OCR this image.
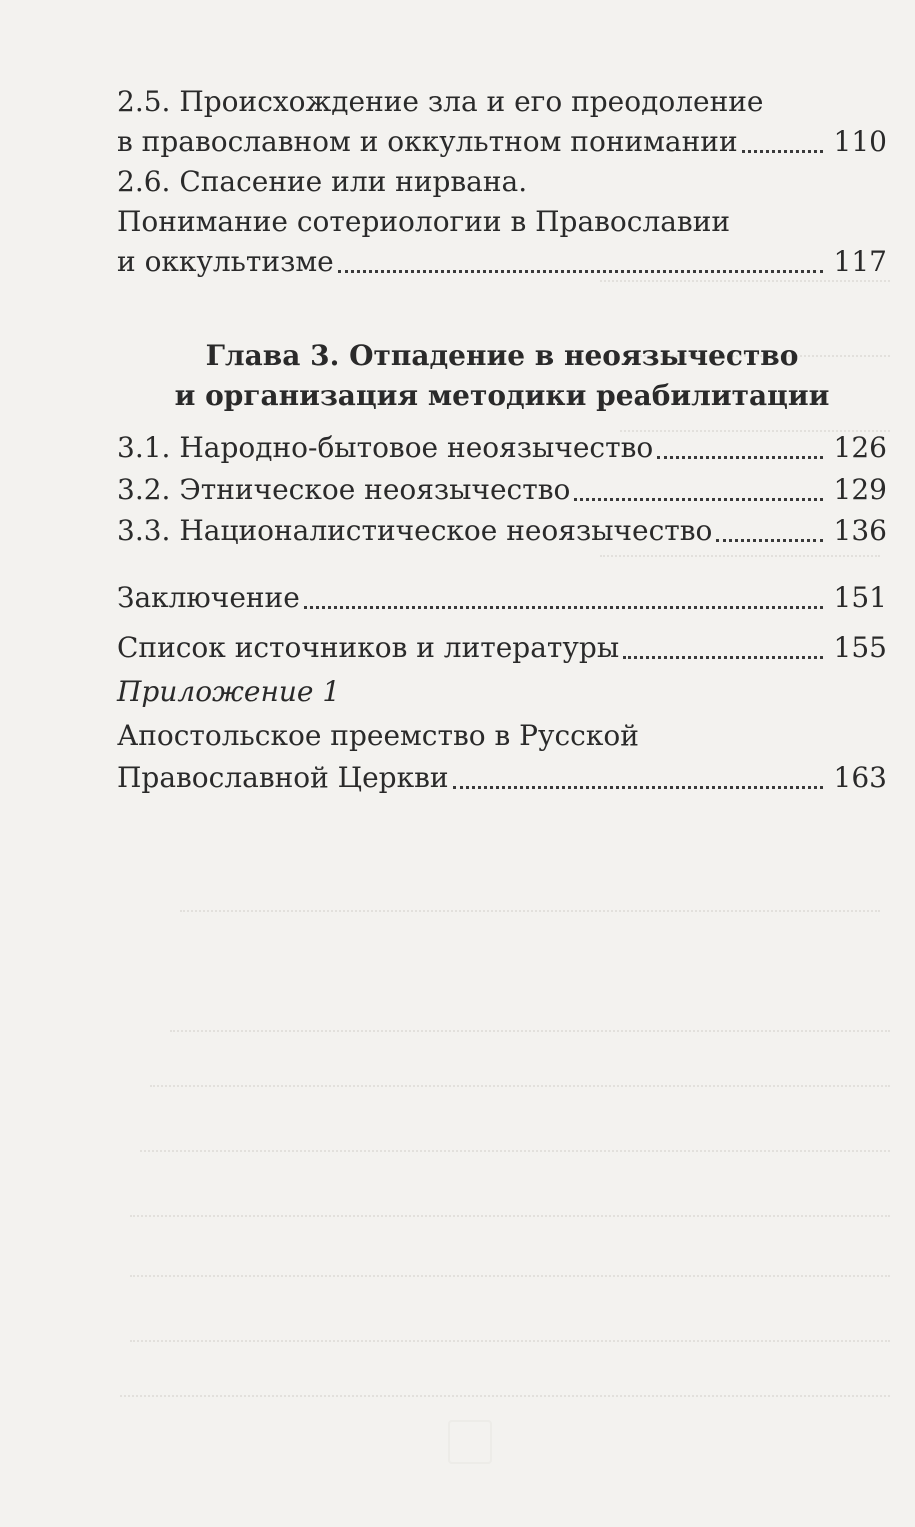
2.5. Происхождение зла и его преодоление
в православном и оккультном понимании	110
2.6. Спасение или нирвана.
Понимание сотериологии в Православии
и оккультизме	117
Глава 3. Отпадение в неоязычество
и организация методики реабилитации
3.1. Народно-бытовое неоязычество	126
3.2. Этническое неоязычество	129
3.3. Националистическое неоязычество	136
Заключение	151
Список источников и литературы	155
Приложение 1
Апостольское преемство в Русской
Православной Церкви	163
